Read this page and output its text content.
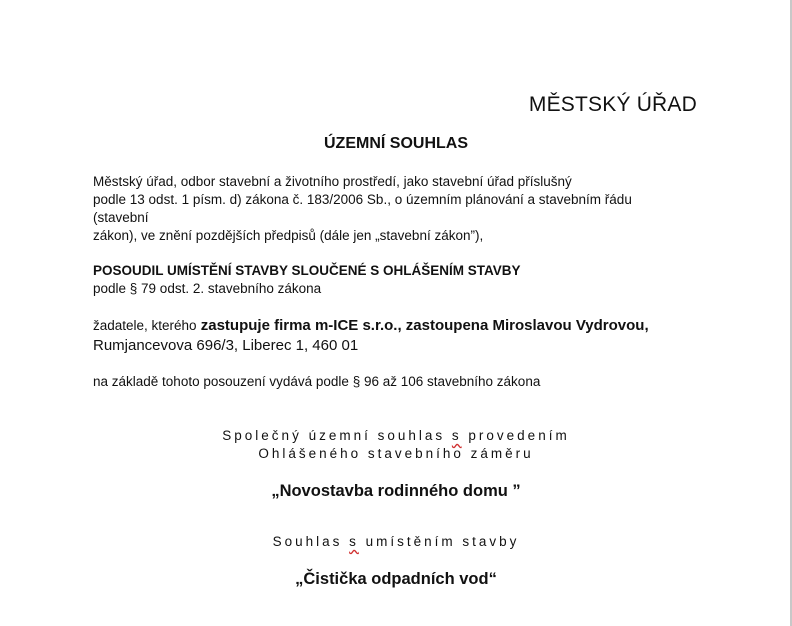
MĚSTSKÝ ÚŘAD
ÚZEMNÍ SOUHLAS
Městský úřad, odbor stavební a životního prostředí, jako stavební úřad příslušný
podle 13 odst. 1 písm. d) zákona č. 183/2006 Sb., o územním plánování a stavebním řádu
(stavební
zákon), ve znění pozdějších předpisů (dále jen „stavební zákon”),
POSOUDIL UMÍSTĚNÍ STAVBY SLOUČENÉ S OHLÁŠENÍM STAVBY
podle § 79 odst. 2. stavebního zákona
žadatele, kterého zastupuje firma m-ICE s.r.o., zastoupena Miroslavou Vydrovou,
Rumjancevova 696/3, Liberec 1, 460 01
na základě tohoto posouzení vydává podle § 96 až 106 stavebního zákona
Společný územní souhlas s provedením
Ohlášeného stavebního záměru
„Novostavba rodinného domu ”
Souhlas s umístěním stavby
„Čistička odpadních vod“
